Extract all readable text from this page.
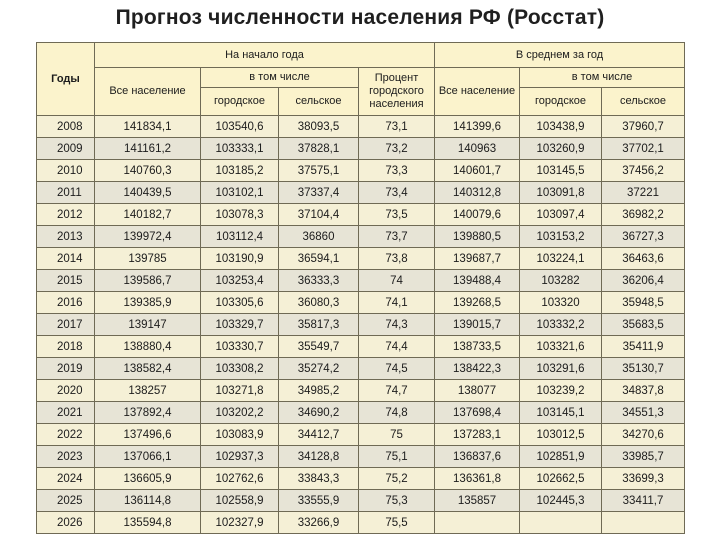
Прогноз численности населения РФ (Росстат)
Годы	На начало года				В среднем за год		
	Все население	в том числе		Процент городского населения	Все население	в том числе	
		городское	сельское			городское	сельское
2008	141834,1	103540,6	38093,5	73,1	141399,6	103438,9	37960,7
2009	141161,2	103333,1	37828,1	73,2	140963	103260,9	37702,1
2010	140760,3	103185,2	37575,1	73,3	140601,7	103145,5	37456,2
2011	140439,5	103102,1	37337,4	73,4	140312,8	103091,8	37221
2012	140182,7	103078,3	37104,4	73,5	140079,6	103097,4	36982,2
2013	139972,4	103112,4	36860	73,7	139880,5	103153,2	36727,3
2014	139785	103190,9	36594,1	73,8	139687,7	103224,1	36463,6
2015	139586,7	103253,4	36333,3	74	139488,4	103282	36206,4
2016	139385,9	103305,6	36080,3	74,1	139268,5	103320	35948,5
2017	139147	103329,7	35817,3	74,3	139015,7	103332,2	35683,5
2018	138880,4	103330,7	35549,7	74,4	138733,5	103321,6	35411,9
2019	138582,4	103308,2	35274,2	74,5	138422,3	103291,6	35130,7
2020	138257	103271,8	34985,2	74,7	138077	103239,2	34837,8
2021	137892,4	103202,2	34690,2	74,8	137698,4	103145,1	34551,3
2022	137496,6	103083,9	34412,7	75	137283,1	103012,5	34270,6
2023	137066,1	102937,3	34128,8	75,1	136837,6	102851,9	33985,7
2024	136605,9	102762,6	33843,3	75,2	136361,8	102662,5	33699,3
2025	136114,8	102558,9	33555,9	75,3	135857	102445,3	33411,7
2026	135594,8	102327,9	33266,9	75,5			
